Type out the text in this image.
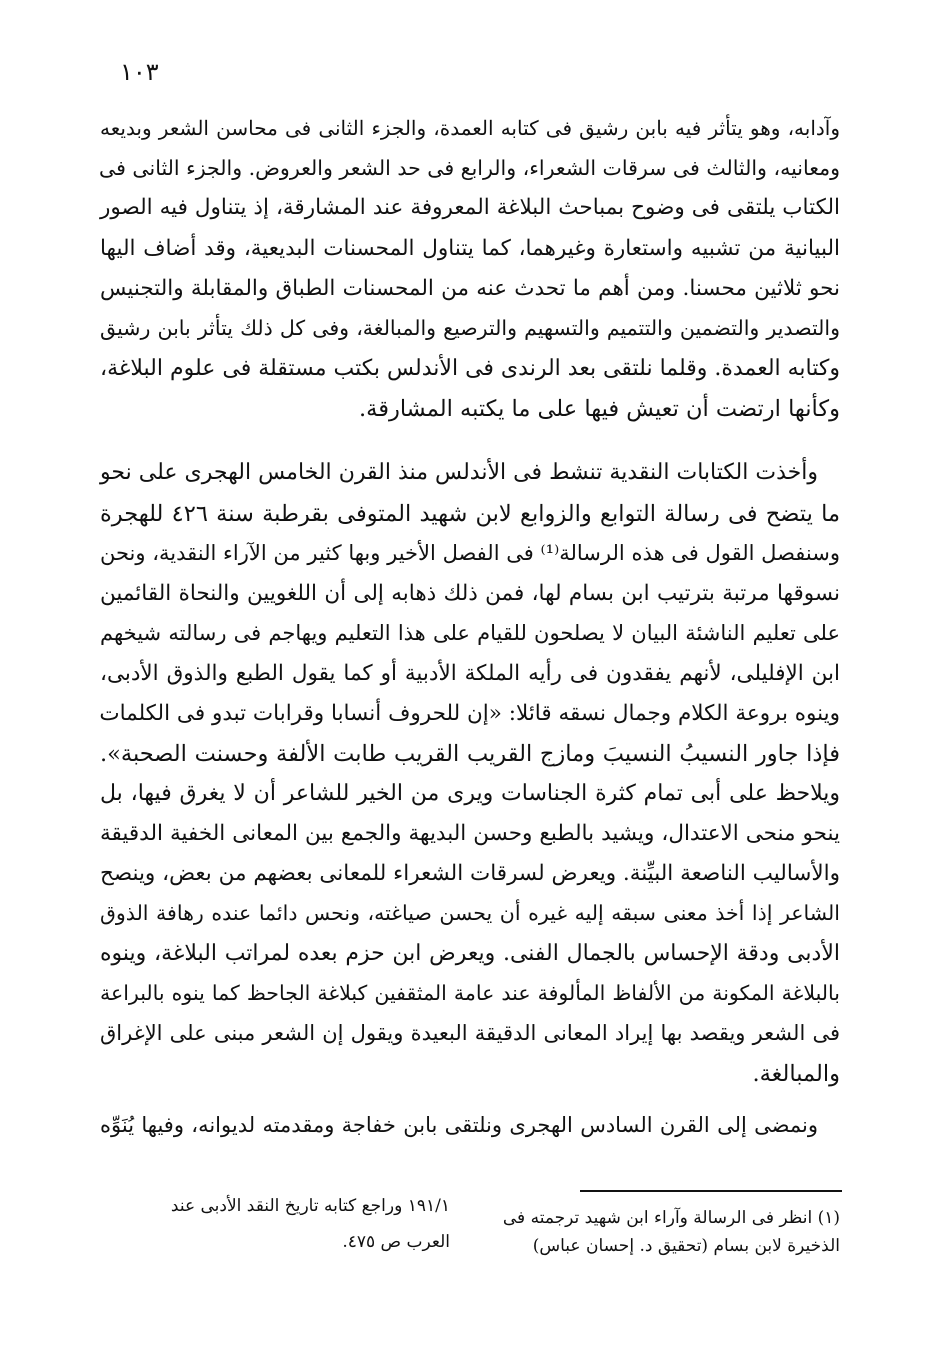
١٠٣
وآدابه، وهو يتأثر فيه بابن رشيق فى كتابه العمدة، والجزء الثانى فى محاسن الشعر وبديعه
ومعانيه، والثالث فى سرقات الشعراء، والرابع فى حد الشعر والعروض. والجزء الثانى فى
الكتاب يلتقى فى وضوح بمباحث البلاغة المعروفة عند المشارقة، إذ يتناول فيه الصور
البيانية من تشبيه واستعارة وغيرهما، كما يتناول المحسنات البديعية، وقد أضاف اليها
نحو ثلاثين محسنا. ومن أهم ما تحدث عنه من المحسنات الطباق والمقابلة والتجنيس
والتصدير والتضمين والتتميم والتسهيم والترصيع والمبالغة، وفى كل ذلك يتأثر بابن رشيق
وكتابه العمدة. وقلما نلتقى بعد الرندى فى الأندلس بكتب مستقلة فى علوم البلاغة،
وكأنها ارتضت أن تعيش فيها على ما يكتبه المشارقة.
وأخذت الكتابات النقدية تنشط فى الأندلس منذ القرن الخامس الهجرى على نحو
ما يتضح فى رسالة التوابع والزوابع لابن شهيد المتوفى بقرطبة سنة ٤٢٦ للهجرة
وسنفصل القول فى هذه الرسالة⁽¹⁾ فى الفصل الأخير وبها كثير من الآراء النقدية، ونحن
نسوقها مرتبة بترتيب ابن بسام لها، فمن ذلك ذهابه إلى أن اللغويين والنحاة القائمين
على تعليم الناشئة البيان لا يصلحون للقيام على هذا التعليم ويهاجم فى رسالته شيخهم
ابن الإفليلى، لأنهم يفقدون فى رأيه الملكة الأدبية أو كما يقول الطبع والذوق الأدبى،
وينوه بروعة الكلام وجمال نسقه قائلا: «إن للحروف أنسابا وقرابات تبدو فى الكلمات
فإذا جاور النسيبُ النسيبَ ومازج القريب القريب طابت الألفة وحسنت الصحبة».
ويلاحظ على أبى تمام كثرة الجناسات ويرى من الخير للشاعر أن لا يغرق فيها، بل
ينحو منحى الاعتدال، ويشيد بالطبع وحسن البديهة والجمع بين المعانى الخفية الدقيقة
والأساليب الناصعة البيِّنة. ويعرض لسرقات الشعراء للمعانى بعضهم من بعض، وينصح
الشاعر إذا أخذ معنى سبقه إليه غيره أن يحسن صياغته، ونحس دائما عنده رهافة الذوق
الأدبى ودقة الإحساس بالجمال الفنى. ويعرض ابن حزم بعده لمراتب البلاغة، وينوه
بالبلاغة المكونة من الألفاظ المألوفة عند عامة المثقفين كبلاغة الجاحظ كما ينوه بالبراعة
فى الشعر ويقصد بها إيراد المعانى الدقيقة البعيدة ويقول إن الشعر مبنى على الإغراق
والمبالغة.
ونمضى إلى القرن السادس الهجرى ونلتقى بابن خفاجة ومقدمته لديوانه، وفيها يُنَوِّه
(١) انظر فى الرسالة وآراء ابن شهيد ترجمته فى
الذخيرة لابن بسام (تحقيق د. إحسان عباس)
١٩١/١ وراجع كتابه تاريخ النقد الأدبى عند
العرب ص ٤٧٥.
